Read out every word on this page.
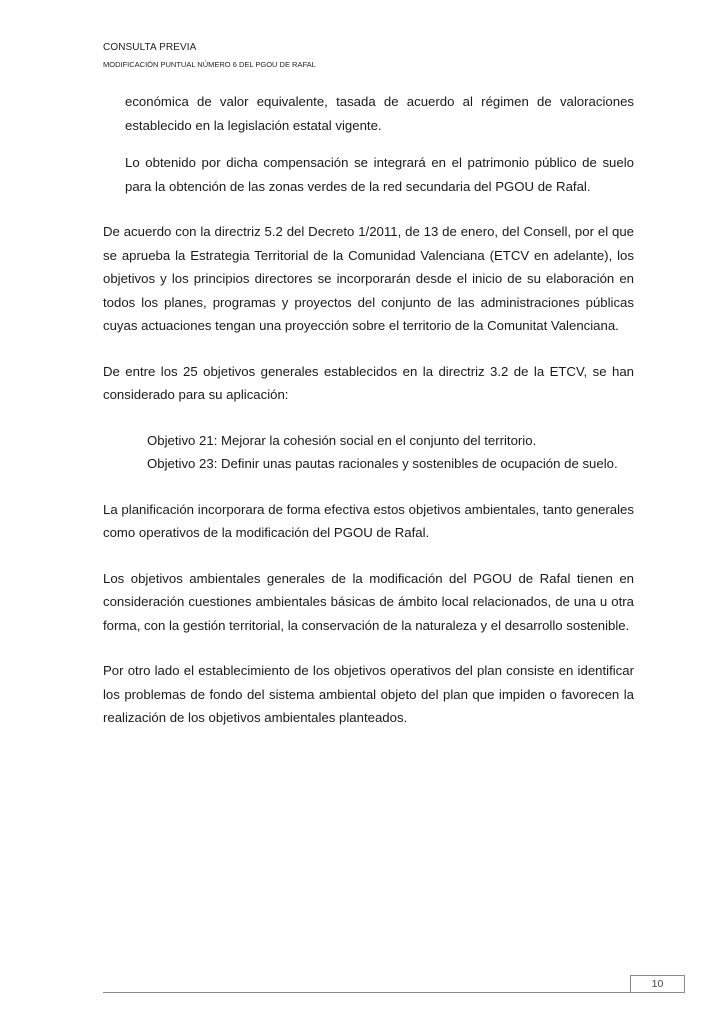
CONSULTA PREVIA
MODIFICACIÓN PUNTUAL NÚMERO 6 DEL PGOU DE RAFAL

económica de valor equivalente, tasada de acuerdo al régimen de valoraciones establecido en la legislación estatal vigente.

Lo obtenido por dicha compensación se integrará en el patrimonio público de suelo para la obtención de las zonas verdes de la red secundaria del PGOU de Rafal.

De acuerdo con la directriz 5.2 del Decreto 1/2011, de 13 de enero, del Consell, por el que se aprueba la Estrategia Territorial de la Comunidad Valenciana (ETCV en adelante), los objetivos y los principios directores se incorporarán desde el inicio de su elaboración en todos los planes, programas y proyectos del conjunto de las administraciones públicas cuyas actuaciones tengan una proyección sobre el territorio de la Comunitat Valenciana.

De entre los 25 objetivos generales establecidos en la directriz 3.2 de la ETCV, se han considerado para su aplicación:

Objetivo 21: Mejorar la cohesión social en el conjunto del territorio.

Objetivo 23: Definir unas pautas racionales y sostenibles de ocupación de suelo.

La planificación incorporara de forma efectiva estos objetivos ambientales, tanto generales como operativos de la modificación del PGOU de Rafal.

Los objetivos ambientales generales de la modificación del PGOU de Rafal tienen en consideración cuestiones ambientales básicas de ámbito local relacionados, de una u otra forma, con la gestión territorial, la conservación de la naturaleza y el desarrollo sostenible.

Por otro lado el establecimiento de los objetivos operativos del plan consiste en identificar los problemas de fondo del sistema ambiental objeto del plan que impiden o favorecen la realización de los objetivos ambientales planteados.

10
